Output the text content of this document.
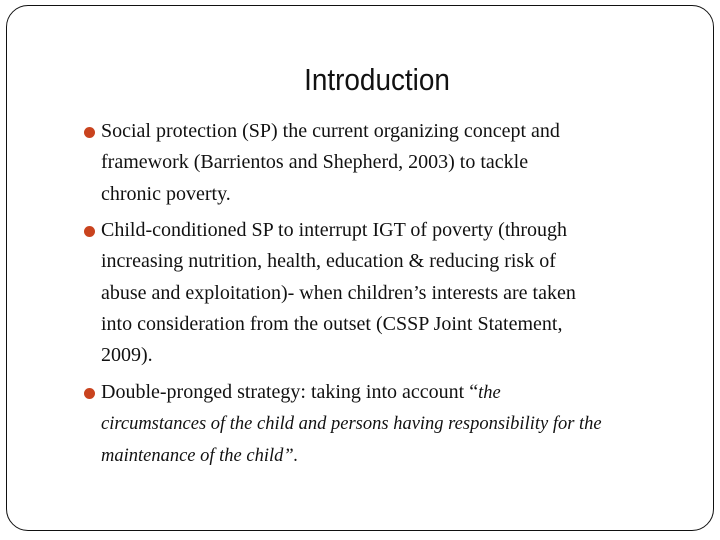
Introduction
Social protection (SP) the current organizing concept and
framework (Barrientos and Shepherd, 2003) to tackle
chronic poverty.
Child-conditioned SP to interrupt IGT of poverty (through
increasing nutrition, health, education & reducing risk of
abuse and exploitation)- when children’s interests are taken
into consideration from the outset (CSSP Joint Statement,
2009).
Double-pronged strategy: taking into account “the
circumstances of the child and persons having responsibility for the
maintenance of the child”.
